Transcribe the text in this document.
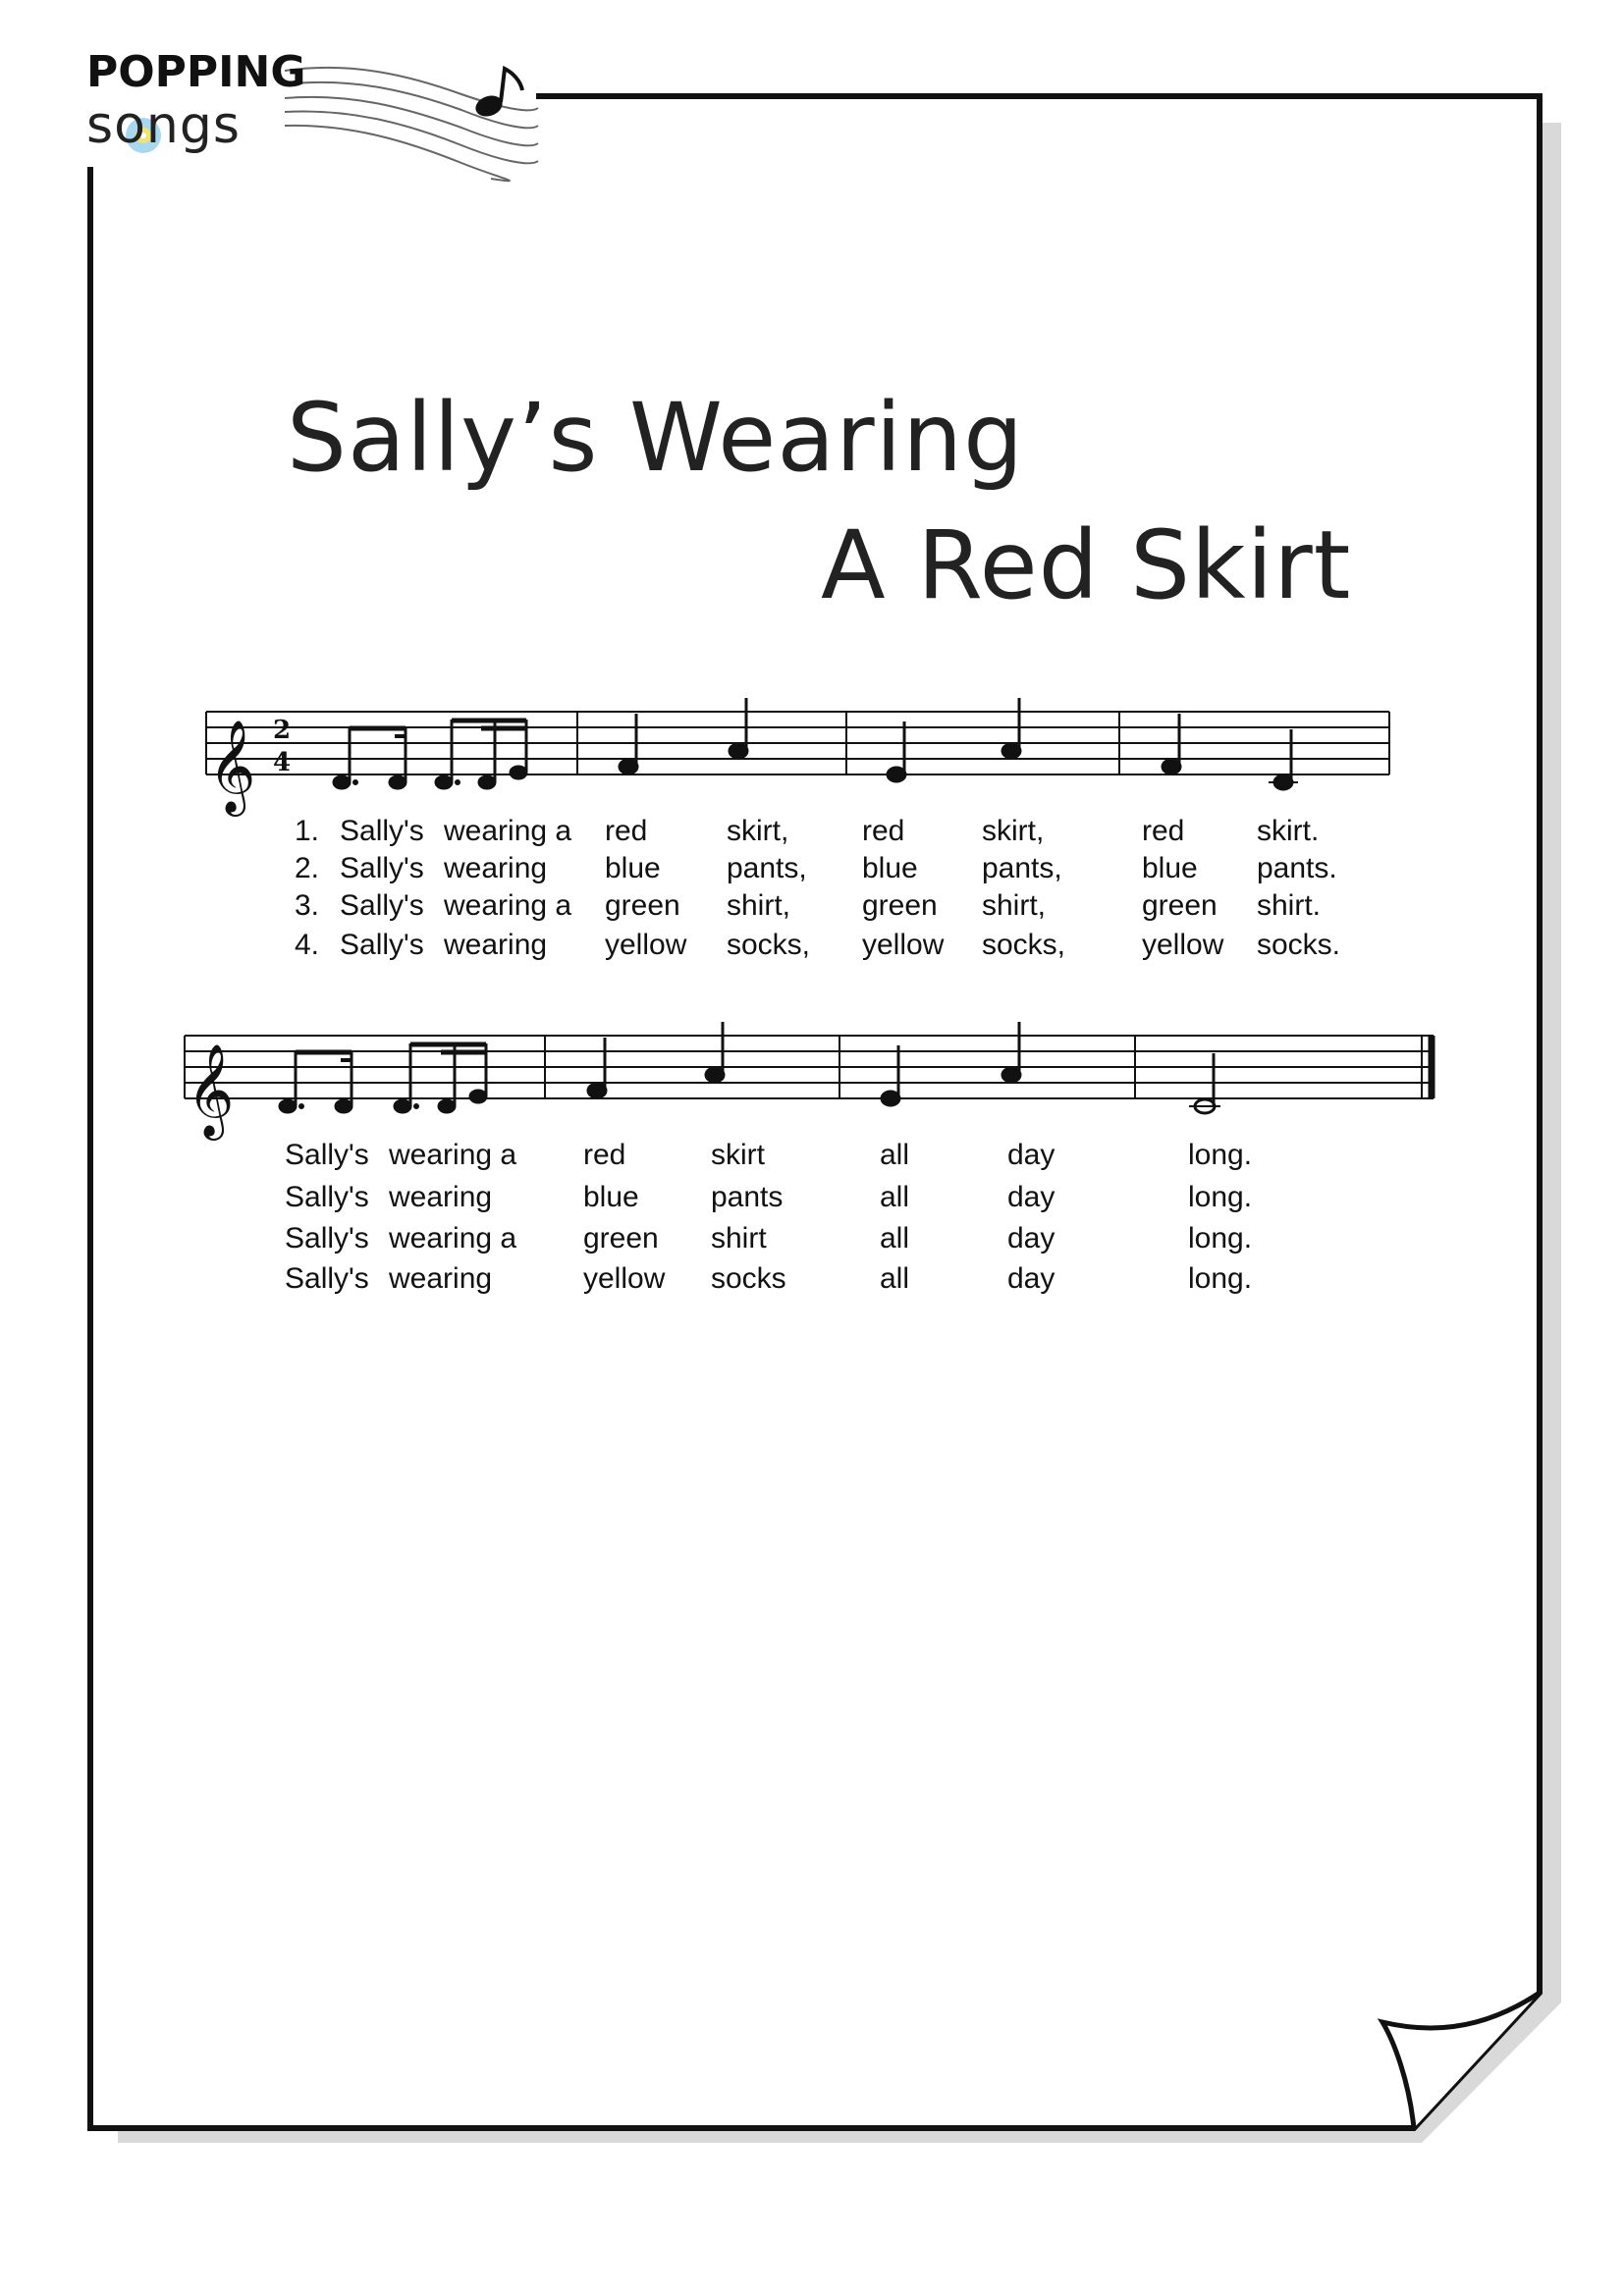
𝄞 2
4
𝄞
POPPING
songs
Sally’s Wearing
A Red Skirt
1. Sally's wearing a red	skirt, red	skirt,	red skirt.
2. Sally's wearing blue pants, blue pants,	blue pants.
3. Sally's wearing a green shirt, green shirt,	green shirt.
4. Sally's wearing yellow socks, yellow socks,	yellow socks.
Sally's wearing a red	skirt	all	day	long.
Sally's wearing	blue pants	all	day	long.
Sally's wearing a green shirt	all	day	long.
Sally's wearing	yellow socks	all	day	long.
